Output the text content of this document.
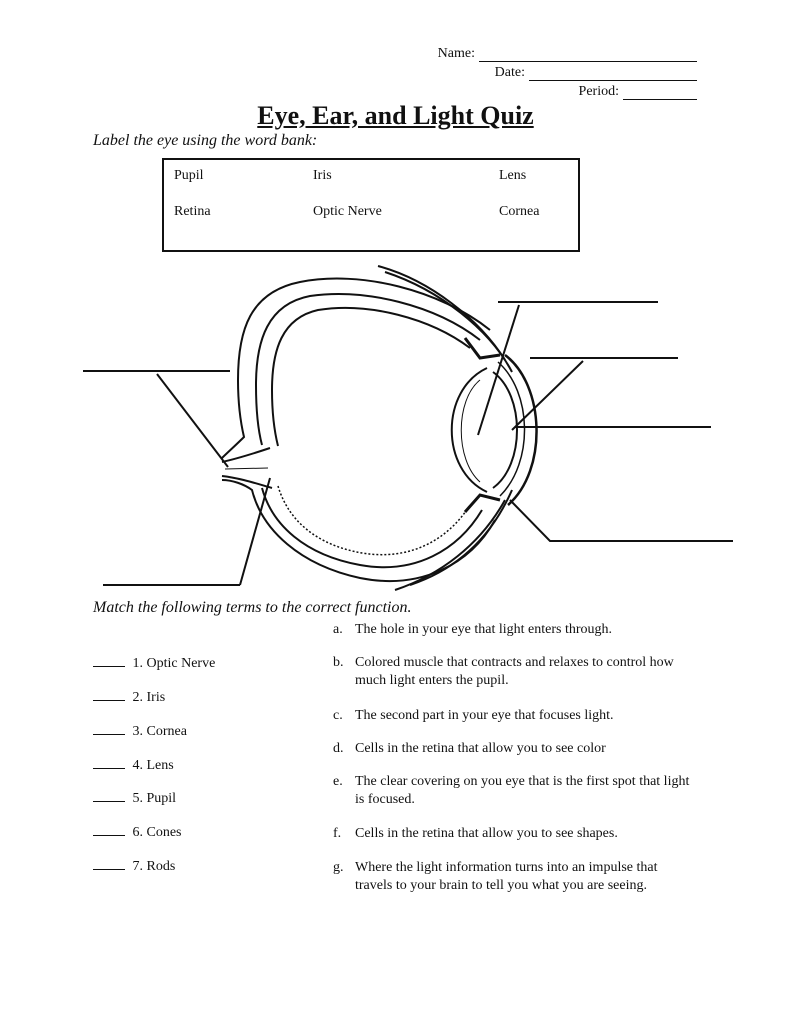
Name:
Date:
Period:
Eye, Ear, and Light Quiz
Label the eye using the word bank:
Pupil	Iris	Lens
Retina	Optic Nerve	Cornea
Match the following terms to the correct function.
1. Optic Nerve
2. Iris
3. Cornea
4. Lens
5. Pupil
6. Cones
7. Rods
a. The hole in your eye that light enters through.
b. Colored muscle that contracts and relaxes to control how much light enters the pupil.
c. The second part in your eye that focuses light.
d. Cells in the retina that allow you to see color
e. The clear covering on you eye that is the first spot that light is focused.
f. Cells in the retina that allow you to see shapes.
g. Where the light information turns into an impulse that travels to your brain to tell you what you are seeing.
